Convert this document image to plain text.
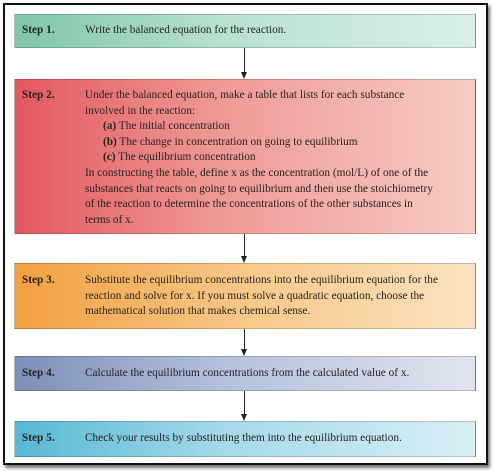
Step 1.	Write the balanced equation for the reaction.
Step 2.	Under the balanced equation, make a table that lists for each substance
involved in the reaction:
(a) The initial concentration
(b) The change in concentration on going to equilibrium
(c) The equilibrium concentration
In constructing the table, define x as the concentration (mol/L) of one of the
substances that reacts on going to equilibrium and then use the stoichiometry
of the reaction to determine the concentrations of the other substances in
terms of x.
Step 3.	Substitute the equilibrium concentrations into the equilibrium equation for the
reaction and solve for x. If you must solve a quadratic equation, choose the
mathematical solution that makes chemical sense.
Step 4.	Calculate the equilibrium concentrations from the calculated value of x.
Step 5.	Check your results by substituting them into the equilibrium equation.
